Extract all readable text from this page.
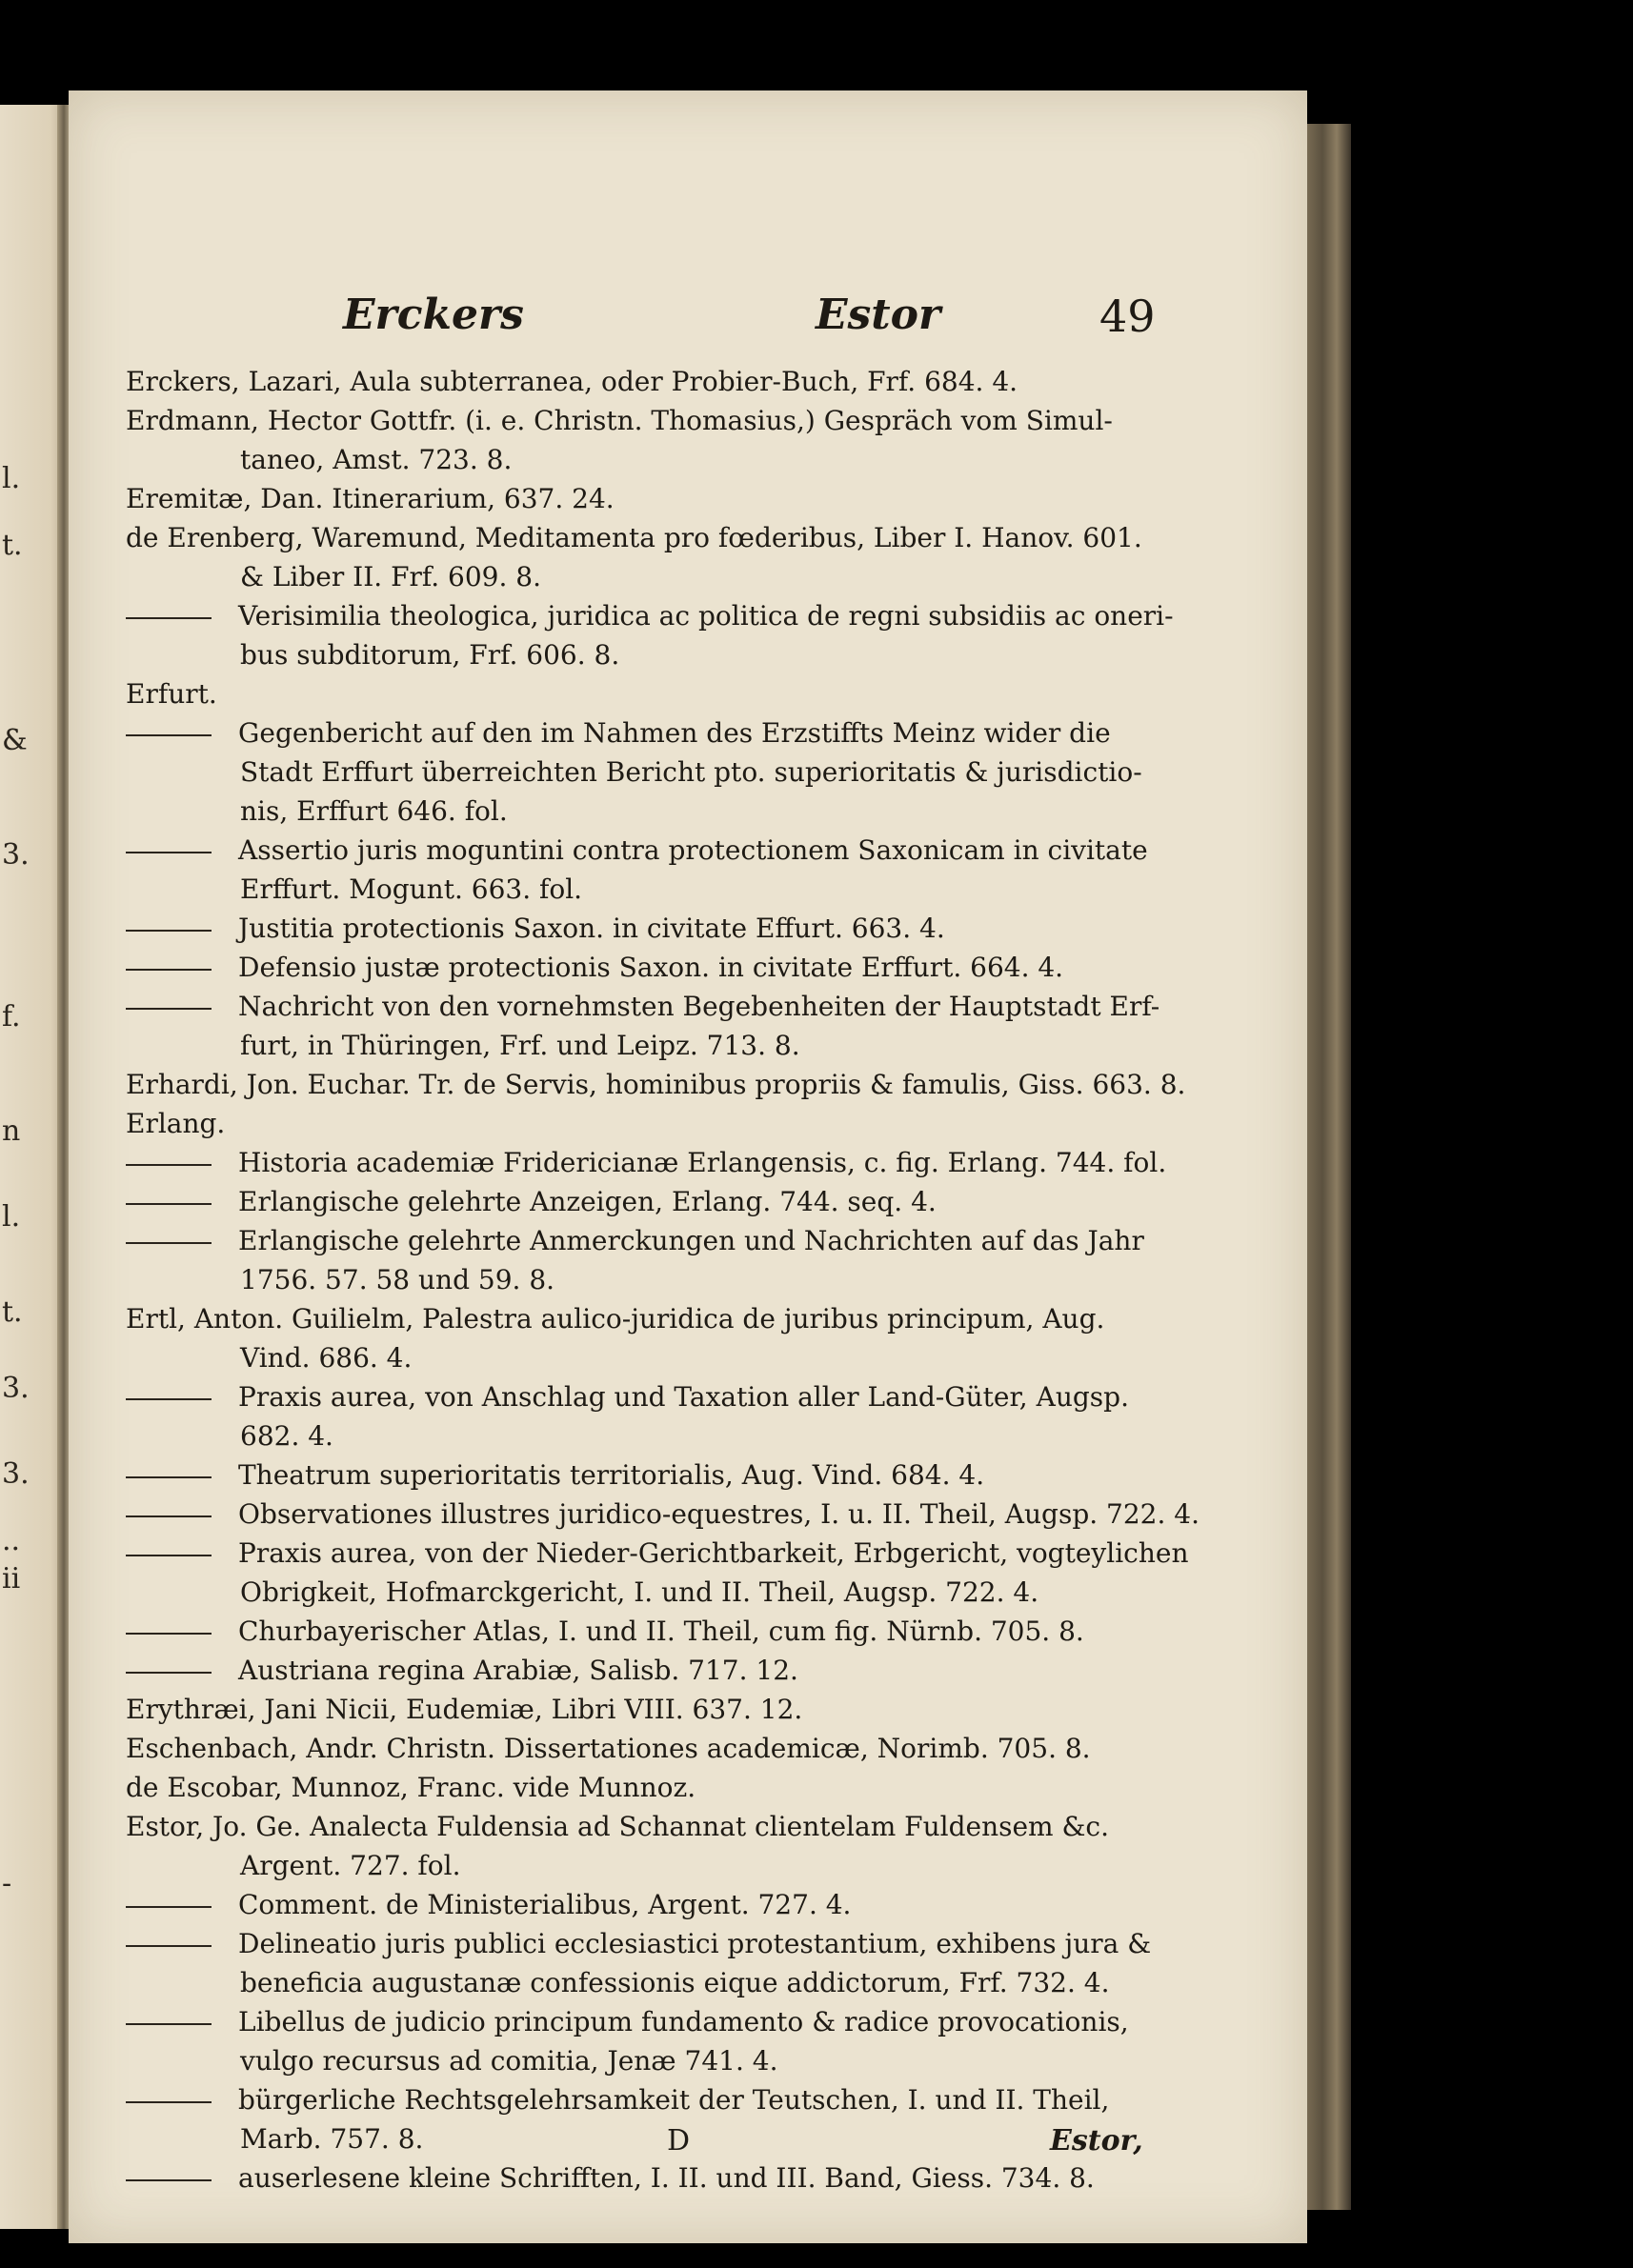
l.
t.
&
3.
f.
n
l.
t.
3.
3.
..
ii
-
Erckers	Estor	49
Erckers, Lazari, Aula subterranea, oder Probier-Buch, Frf. 684. 4.
Erdmann, Hector Gottfr. (i. e. Christn. Thomasius,) Gespräch vom Simul-
taneo, Amst. 723. 8.
Eremitæ, Dan. Itinerarium, 637. 24.
de Erenberg, Waremund, Meditamenta pro fœderibus, Liber I. Hanov. 601.
& Liber II. Frf. 609. 8.
Verisimilia theologica, juridica ac politica de regni subsidiis ac oneri-
bus subditorum, Frf. 606. 8.
Erfurt.
Gegenbericht auf den im Nahmen des Erzstiffts Meinz wider die
Stadt Erffurt überreichten Bericht pto. superioritatis & jurisdictio-
nis, Erffurt 646. fol.
Assertio juris moguntini contra protectionem Saxonicam in civitate
Erffurt. Mogunt. 663. fol.
Justitia protectionis Saxon. in civitate Effurt. 663. 4.
Defensio justæ protectionis Saxon. in civitate Erffurt. 664. 4.
Nachricht von den vornehmsten Begebenheiten der Hauptstadt Erf-
furt, in Thüringen, Frf. und Leipz. 713. 8.
Erhardi, Jon. Euchar. Tr. de Servis, hominibus propriis & famulis, Giss. 663. 8.
Erlang.
Historia academiæ Fridericianæ Erlangensis, c. fig. Erlang. 744. fol.
Erlangische gelehrte Anzeigen, Erlang. 744. seq. 4.
Erlangische gelehrte Anmerckungen und Nachrichten auf das Jahr
1756. 57. 58 und 59. 8.
Ertl, Anton. Guilielm, Palestra aulico-juridica de juribus principum, Aug.
Vind. 686. 4.
Praxis aurea, von Anschlag und Taxation aller Land-Güter, Augsp.
682. 4.
Theatrum superioritatis territorialis, Aug. Vind. 684. 4.
Observationes illustres juridico-equestres, I. u. II. Theil, Augsp. 722. 4.
Praxis aurea, von der Nieder-Gerichtbarkeit, Erbgericht, vogteylichen
Obrigkeit, Hofmarckgericht, I. und II. Theil, Augsp. 722. 4.
Churbayerischer Atlas, I. und II. Theil, cum fig. Nürnb. 705. 8.
Austriana regina Arabiæ, Salisb. 717. 12.
Erythræi, Jani Nicii, Eudemiæ, Libri VIII. 637. 12.
Eschenbach, Andr. Christn. Dissertationes academicæ, Norimb. 705. 8.
de Escobar, Munnoz, Franc. vide Munnoz.
Estor, Jo. Ge. Analecta Fuldensia ad Schannat clientelam Fuldensem &c.
Argent. 727. fol.
Comment. de Ministerialibus, Argent. 727. 4.
Delineatio juris publici ecclesiastici protestantium, exhibens jura &
beneficia augustanæ confessionis eique addictorum, Frf. 732. 4.
Libellus de judicio principum fundamento & radice provocationis,
vulgo recursus ad comitia, Jenæ 741. 4.
bürgerliche Rechtsgelehrsamkeit der Teutschen, I. und II. Theil,
Marb. 757. 8.
auserlesene kleine Schrifften, I. II. und III. Band, Giess. 734. 8.
D	Estor,
